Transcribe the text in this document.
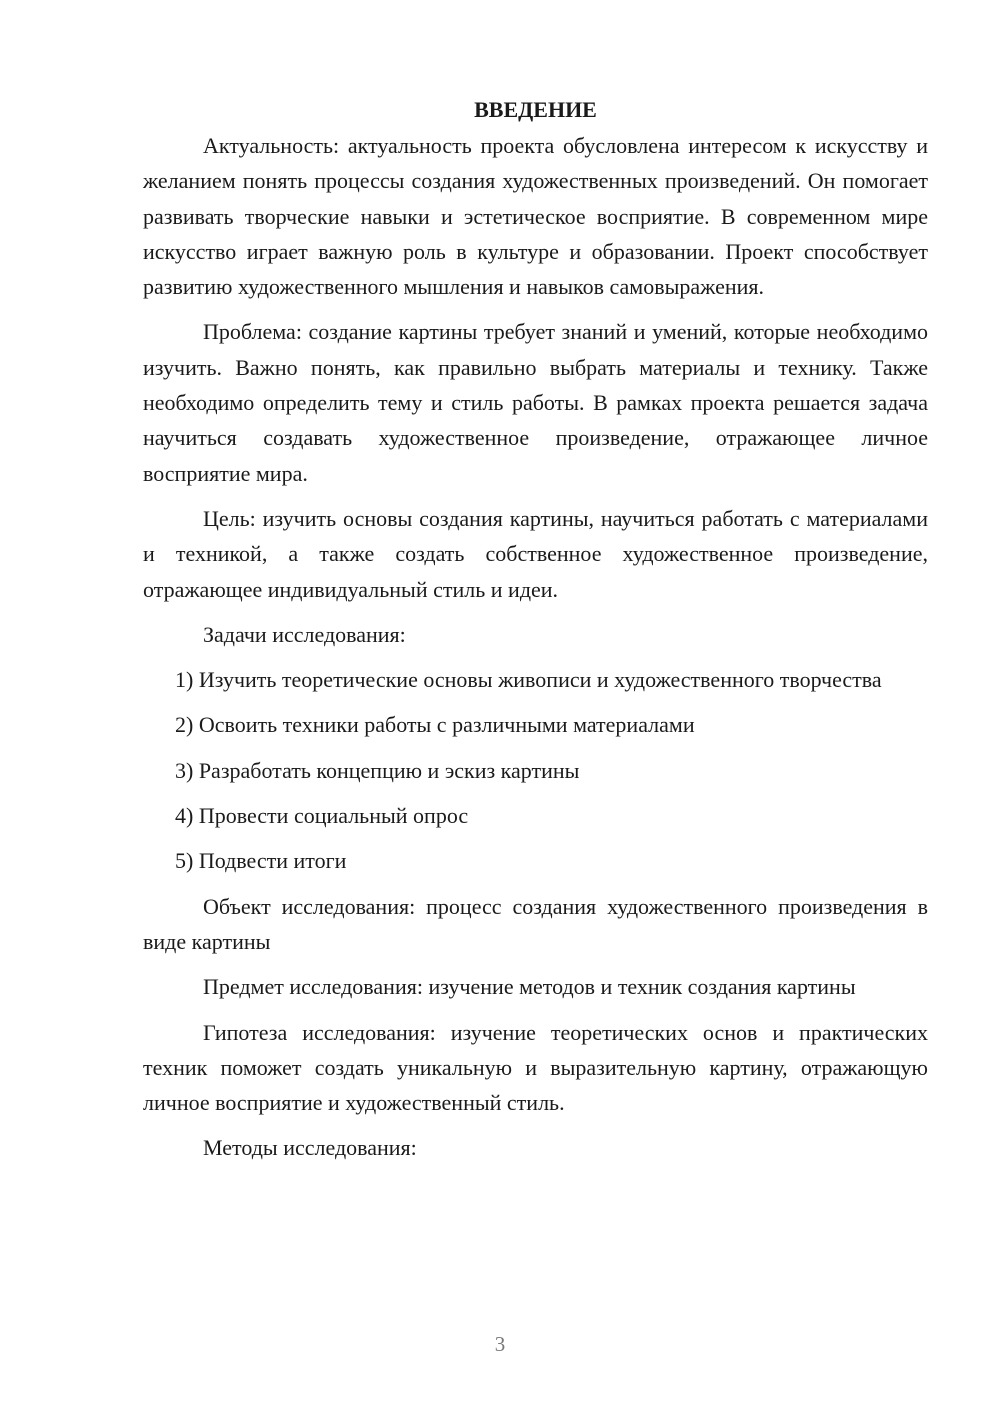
ВВЕДЕНИЕ

Актуальность: актуальность проекта обусловлена интересом к искусству и желанием понять процессы создания художественных произведений. Он помогает развивать творческие навыки и эстетическое восприятие. В современном мире искусство играет важную роль в культуре и образовании. Проект способствует развитию художественного мышления и навыков самовыражения.

Проблема: создание картины требует знаний и умений, которые необходимо изучить. Важно понять, как правильно выбрать материалы и технику. Также необходимо определить тему и стиль работы. В рамках проекта решается задача научиться создавать художественное произведение, отражающее личное восприятие мира.

Цель: изучить основы создания картины, научиться работать с материалами и техникой, а также создать собственное художественное произведение, отражающее индивидуальный стиль и идеи.

Задачи исследования:

1) Изучить теоретические основы живописи и художественного творчества

2) Освоить техники работы с различными материалами

3) Разработать концепцию и эскиз картины

4) Провести социальный опрос

5) Подвести итоги

Объект исследования: процесс создания художественного произведения в виде картины

Предмет исследования: изучение методов и техник создания картины

Гипотеза исследования: изучение теоретических основ и практических техник поможет создать уникальную и выразительную картину, отражающую личное восприятие и художественный стиль.

Методы исследования:

3
